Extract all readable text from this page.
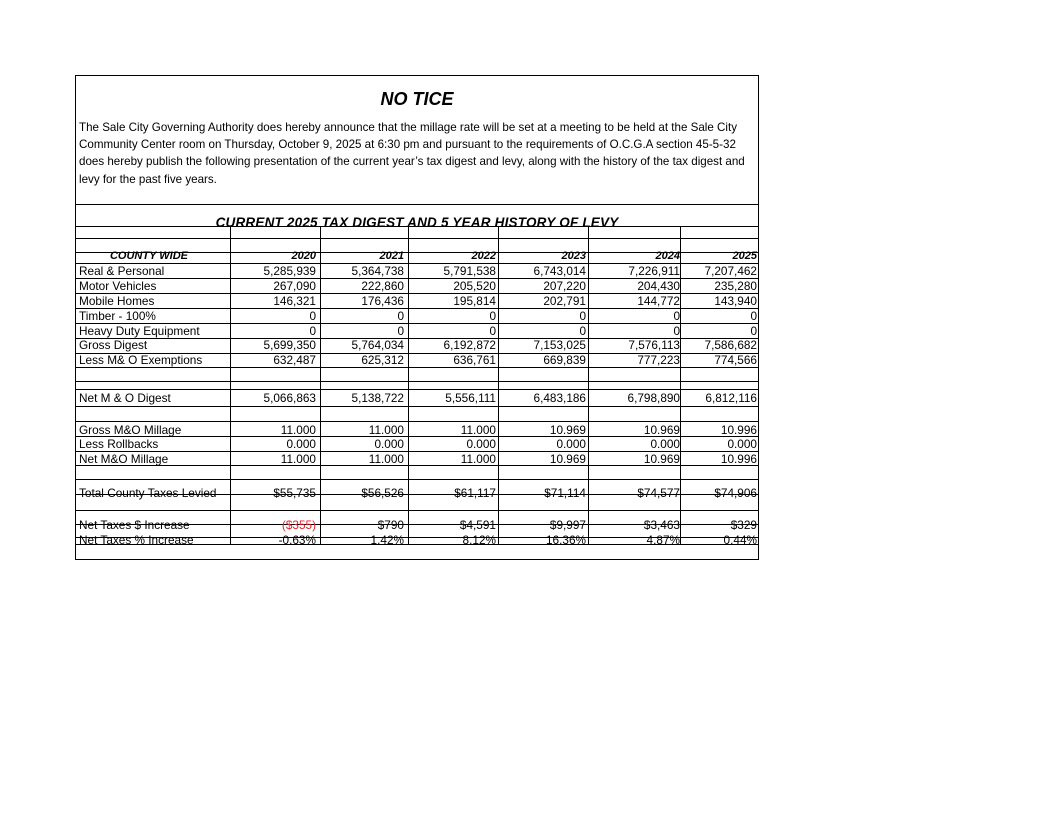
NO TICE
The Sale City Governing Authority does hereby announce that the millage rate will be set at a meeting to be held at the Sale City Community Center room on Thursday, October 9, 2025 at 6:30 pm and pursuant to the requirements of O.C.G.A section 45-5-32 does hereby publish the following presentation of the current year’s tax digest and levy, along with the history of the tax digest and levy for the past five years.
CURRENT 2025 TAX DIGEST AND 5 YEAR HISTORY OF LEVY
COUNTY WIDE	2020	2021	2022	2023	2024	2025
Real & Personal	5,285,939	5,364,738	5,791,538	6,743,014	7,226,911	7,207,462
Motor Vehicles	267,090	222,860	205,520	207,220	204,430	235,280
Mobile Homes	146,321	176,436	195,814	202,791	144,772	143,940
Timber - 100%	0	0	0	0	0	0
Heavy Duty Equipment	0	0	0	0	0	0
Gross Digest	5,699,350	5,764,034	6,192,872	7,153,025	7,576,113	7,586,682
Less M& O Exemptions	632,487	625,312	636,761	669,839	777,223	774,566
Net M & O Digest	5,066,863	5,138,722	5,556,111	6,483,186	6,798,890	6,812,116
Gross M&O Millage	11.000	11.000	11.000	10.969	10.969	10.996
Less Rollbacks	0.000	0.000	0.000	0.000	0.000	0.000
Net M&O Millage	11.000	11.000	11.000	10.969	10.969	10.996
Total County Taxes Levied	$55,735	$56,526	$61,117	$71,114	$74,577	$74,906
Net Taxes $ Increase	($355)	$790	$4,591	$9,997	$3,463	$329
Net Taxes % Increase	-0.63%	1.42%	8.12%	16.36%	4.87%	0.44%
